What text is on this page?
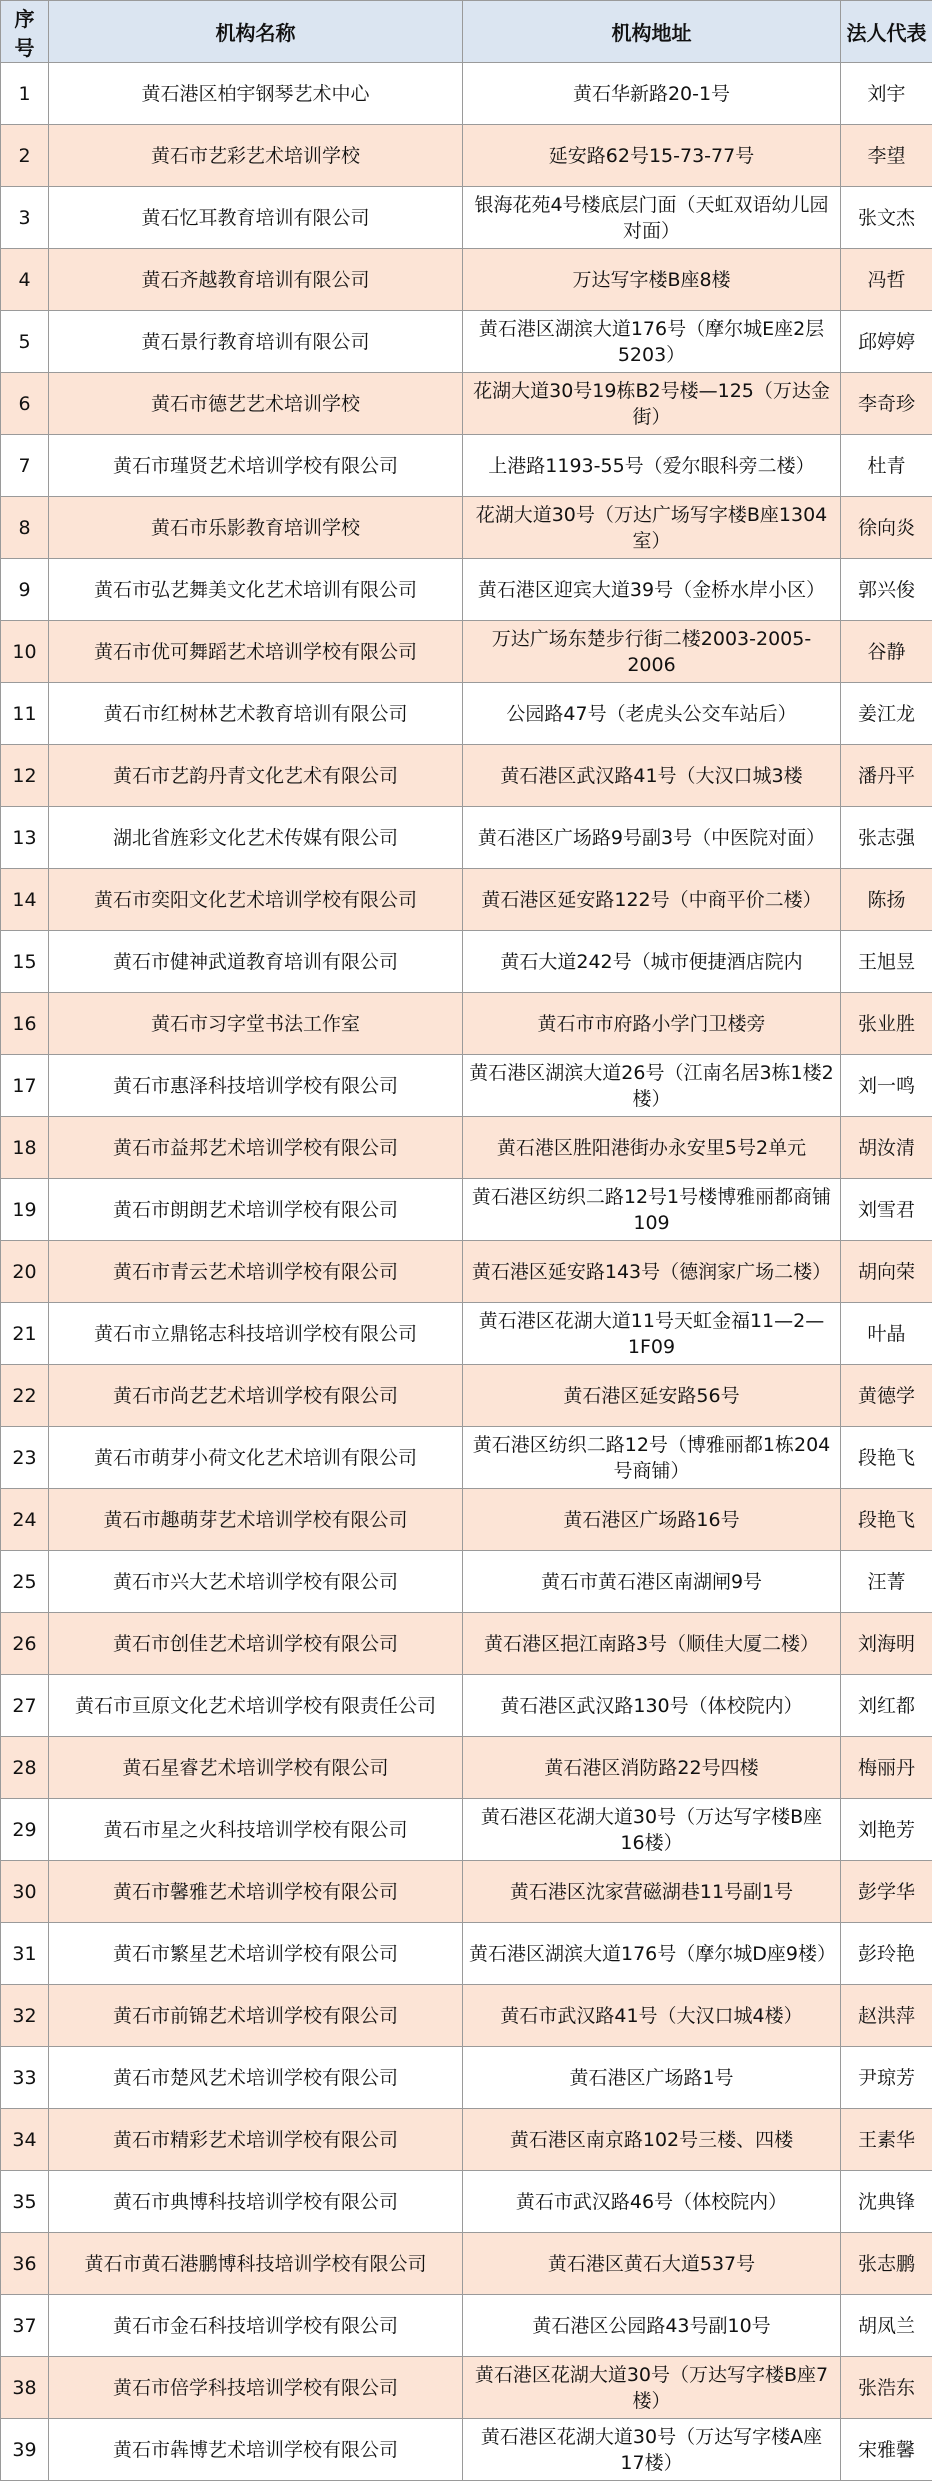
序号	机构名称	机构地址	法人代表
1	黄石港区柏宇钢琴艺术中心	黄石华新路20-1号	刘宇
2	黄石市艺彩艺术培训学校	延安路62号15-73-77号	李望
3	黄石忆耳教育培训有限公司	银海花苑4号楼底层门面（天虹双语幼儿园对面）	张文杰
4	黄石齐越教育培训有限公司	万达写字楼B座8楼	冯哲
5	黄石景行教育培训有限公司	黄石港区湖滨大道176号（摩尔城E座2层5203）	邱婷婷
6	黄石市德艺艺术培训学校	花湖大道30号19栋B2号楼—125（万达金街）	李奇珍
7	黄石市瑾贤艺术培训学校有限公司	上港路1193-55号（爱尔眼科旁二楼）	杜青
8	黄石市乐影教育培训学校	花湖大道30号（万达广场写字楼B座1304室）	徐向炎
9	黄石市弘艺舞美文化艺术培训有限公司	黄石港区迎宾大道39号（金桥水岸小区）	郭兴俊
10	黄石市优可舞蹈艺术培训学校有限公司	万达广场东楚步行街二楼2003-2005-2006	谷静
11	黄石市红树林艺术教育培训有限公司	公园路47号（老虎头公交车站后）	姜江龙
12	黄石市艺韵丹青文化艺术有限公司	黄石港区武汉路41号（大汉口城3楼	潘丹平
13	湖北省旌彩文化艺术传媒有限公司	黄石港区广场路9号副3号（中医院对面）	张志强
14	黄石市奕阳文化艺术培训学校有限公司	黄石港区延安路122号（中商平价二楼）	陈扬
15	黄石市健神武道教育培训有限公司	黄石大道242号（城市便捷酒店院内	王旭昱
16	黄石市习字堂书法工作室	黄石市市府路小学门卫楼旁	张业胜
17	黄石市惠泽科技培训学校有限公司	黄石港区湖滨大道26号（江南名居3栋1楼2楼）	刘一鸣
18	黄石市益邦艺术培训学校有限公司	黄石港区胜阳港街办永安里5号2单元	胡汝清
19	黄石市朗朗艺术培训学校有限公司	黄石港区纺织二路12号1号楼博雅丽都商铺109	刘雪君
20	黄石市青云艺术培训学校有限公司	黄石港区延安路143号（德润家广场二楼）	胡向荣
21	黄石市立鼎铭志科技培训学校有限公司	黄石港区花湖大道11号天虹金福11—2—1F09	叶晶
22	黄石市尚艺艺术培训学校有限公司	黄石港区延安路56号	黄德学
23	黄石市萌芽小荷文化艺术培训有限公司	黄石港区纺织二路12号（博雅丽都1栋204号商铺）	段艳飞
24	黄石市趣萌芽艺术培训学校有限公司	黄石港区广场路16号	段艳飞
25	黄石市兴大艺术培训学校有限公司	黄石市黄石港区南湖闸9号	汪菁
26	黄石市创佳艺术培训学校有限公司	黄石港区挹江南路3号（顺佳大厦二楼）	刘海明
27	黄石市亘原文化艺术培训学校有限责任公司	黄石港区武汉路130号（体校院内）	刘红都
28	黄石星睿艺术培训学校有限公司	黄石港区消防路22号四楼	梅丽丹
29	黄石市星之火科技培训学校有限公司	黄石港区花湖大道30号（万达写字楼B座16楼）	刘艳芳
30	黄石市馨雅艺术培训学校有限公司	黄石港区沈家营磁湖巷11号副1号	彭学华
31	黄石市繁星艺术培训学校有限公司	黄石港区湖滨大道176号（摩尔城D座9楼）	彭玲艳
32	黄石市前锦艺术培训学校有限公司	黄石市武汉路41号（大汉口城4楼）	赵洪萍
33	黄石市楚风艺术培训学校有限公司	黄石港区广场路1号	尹琼芳
34	黄石市精彩艺术培训学校有限公司	黄石港区南京路102号三楼、四楼	王素华
35	黄石市典博科技培训学校有限公司	黄石市武汉路46号（体校院内）	沈典锋
36	黄石市黄石港鹏博科技培训学校有限公司	黄石港区黄石大道537号	张志鹏
37	黄石市金石科技培训学校有限公司	黄石港区公园路43号副10号	胡凤兰
38	黄石市倍学科技培训学校有限公司	黄石港区花湖大道30号（万达写字楼B座7楼）	张浩东
39	黄石市犇博艺术培训学校有限公司	黄石港区花湖大道30号（万达写字楼A座17楼）	宋雅馨
